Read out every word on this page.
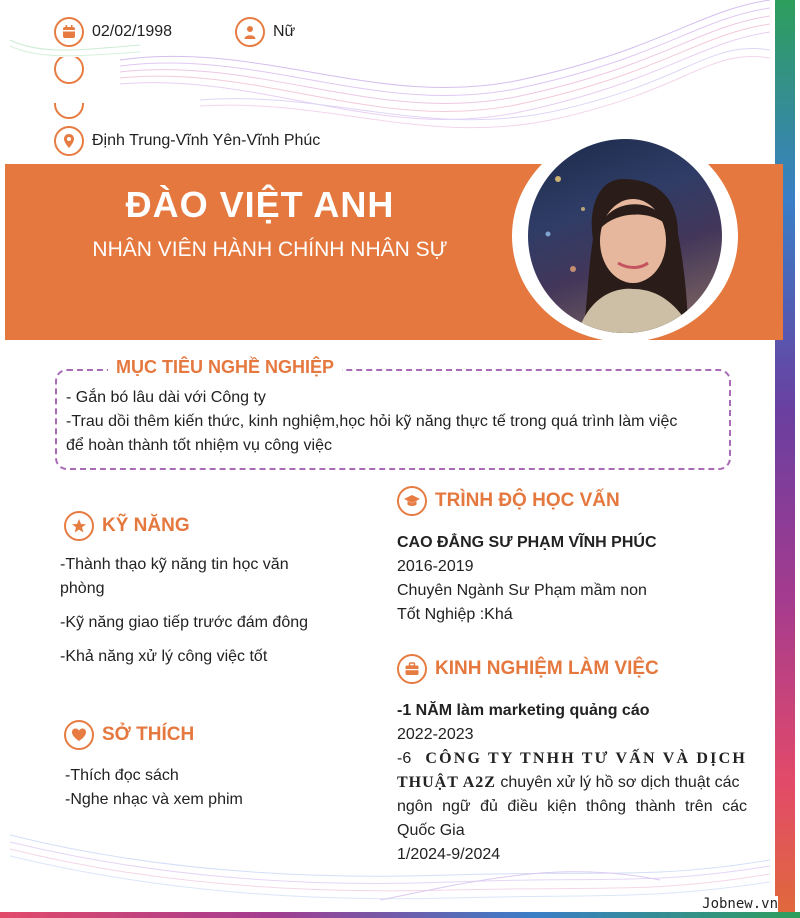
02/02/1998	Nữ
Định Trung-Vĩnh Yên-Vĩnh Phúc
ĐÀO VIỆT ANH
NHÂN VIÊN HÀNH CHÍNH NHÂN SỰ
MỤC TIÊU NGHỀ NGHIỆP
- Gắn bó lâu dài với Công ty
-Trau dồi thêm kiến thức, kinh nghiệm,học hỏi kỹ năng thực tế trong quá trình làm việc
để hoàn thành tốt nhiệm vụ công việc
KỸ NĂNG
-Thành thạo kỹ năng tin học văn
phòng
-Kỹ năng giao tiếp trước đám đông
-Khả năng xử lý công việc tốt
SỞ THÍCH
-Thích đọc sách
-Nghe nhạc và xem phim
TRÌNH ĐỘ HỌC VẤN
CAO ĐẲNG SƯ PHẠM VĨNH PHÚC
2016-2019
Chuyên Ngành Sư Phạm mầm non
Tốt Nghiệp :Khá
KINH NGHIỆM LÀM VIỆC
-1 NĂM làm marketing quảng cáo
2022-2023
-6 CÔNG TY TNHH TƯ VẤN VÀ DỊCH
THUẬT A2Z chuyên xử lý hồ sơ dịch thuật các
ngôn ngữ đủ điều kiện thông thành trên các
Quốc Gia
1/2024-9/2024
Jobnew.vn
